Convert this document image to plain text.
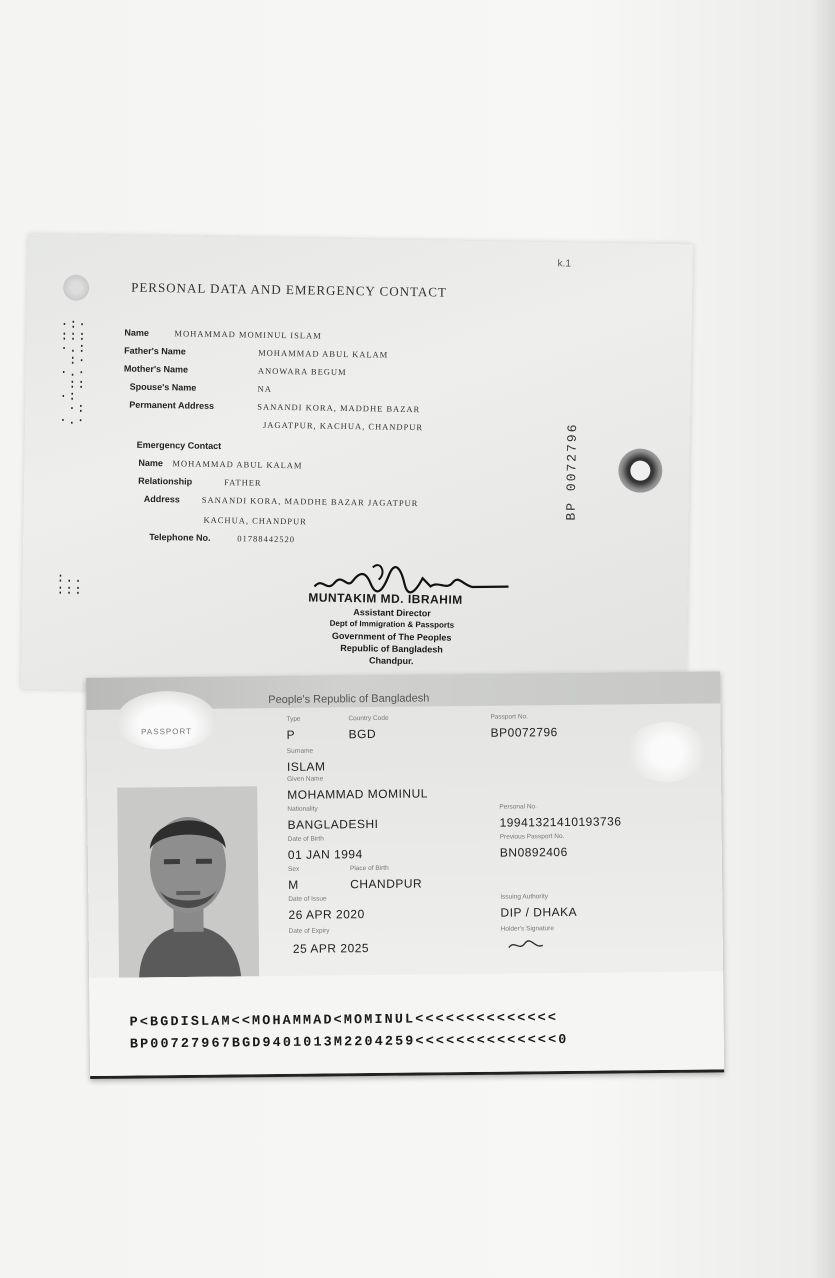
k.1
PERSONAL DATA AND EMERGENCY CONTACT
·:·
:::
·.:
:·
·.·
::
·:
·:
·.·
:..
:::
Name	MOHAMMAD MOMINUL ISLAM
Father's Name	MOHAMMAD ABUL KALAM
Mother's Name	ANOWARA BEGUM
Spouse's Name	NA
Permanent Address	SANANDI KORA, MADDHE BAZAR
JAGATPUR, KACHUA, CHANDPUR
Emergency Contact
Name MOHAMMAD ABUL KALAM
Relationship	FATHER
Address	SANANDI KORA, MADDHE BAZAR JAGATPUR
KACHUA, CHANDPUR
Telephone No.	01788442520
MUNTAKIM MD. IBRAHIM
Assistant Director
Dept of Immigration & Passports
Government of The Peoples
Republic of Bangladesh
Chandpur.
BP 0072796
PASSPORT
People's Republic of Bangladesh
Type
P
Country Code
BGD
Passport No.
BP0072796
Surname
ISLAM
Given Name
MOHAMMAD MOMINUL
Nationality
BANGLADESHI
Personal No.
19941321410193736
Date of Birth
01 JAN 1994
Previous Passport No.
BN0892406
Sex
M
Place of Birth
CHANDPUR
Date of Issue
26 APR 2020
Issuing Authority
DIP / DHAKA
Date of Expiry
25 APR 2025
Holder's Signature
P<BGDISLAM<<MOHAMMAD<MOMINUL<<<<<<<<<<<<<<
BP00727967BGD9401013M2204259<<<<<<<<<<<<<<0
